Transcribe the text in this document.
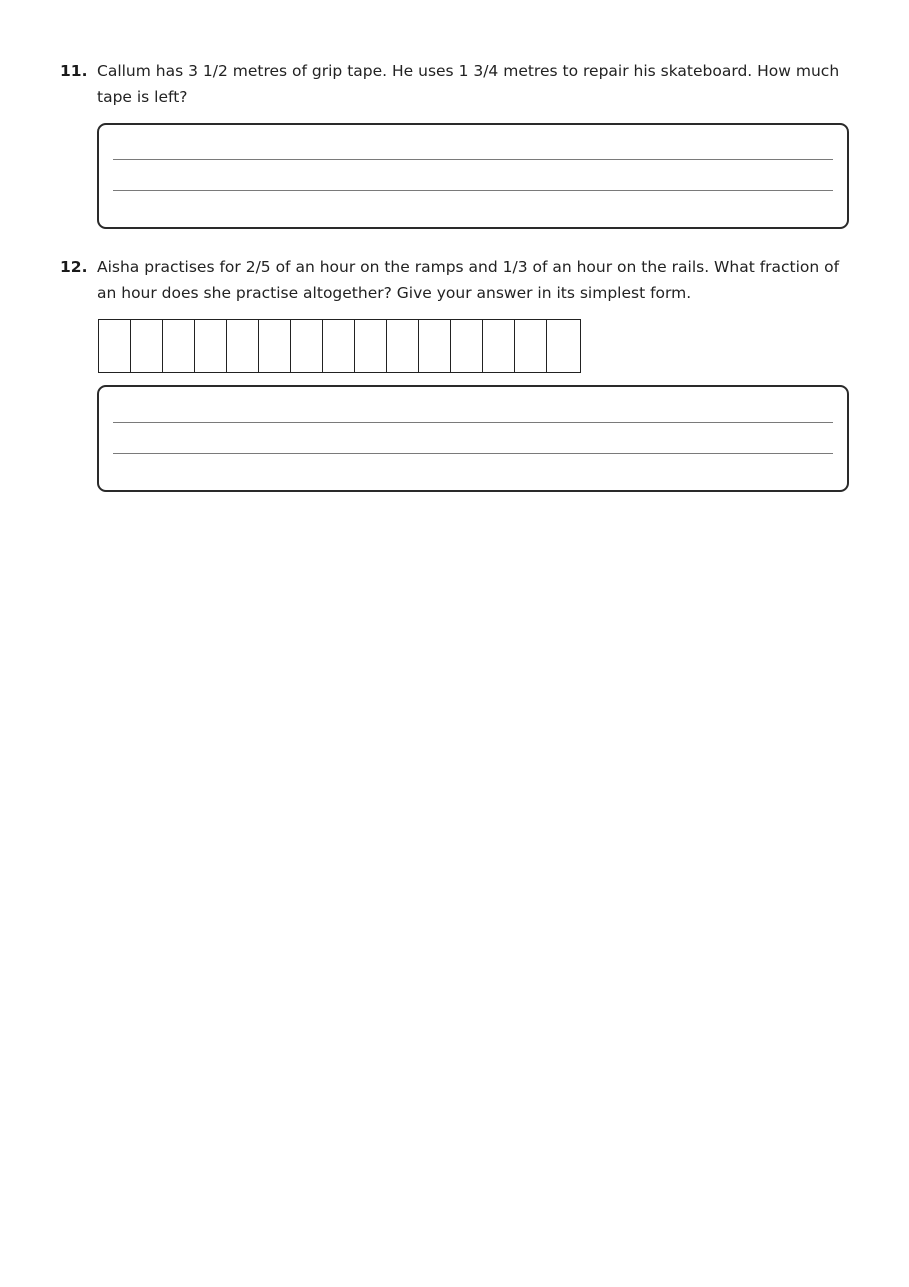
11. Callum has 3 1/2 metres of grip tape. He uses 1 3/4 metres to repair his skateboard. How much tape is left?
12. Aisha practises for 2/5 of an hour on the ramps and 1/3 of an hour on the rails. What fraction of an hour does she practise altogether? Give your answer in its simplest form.
